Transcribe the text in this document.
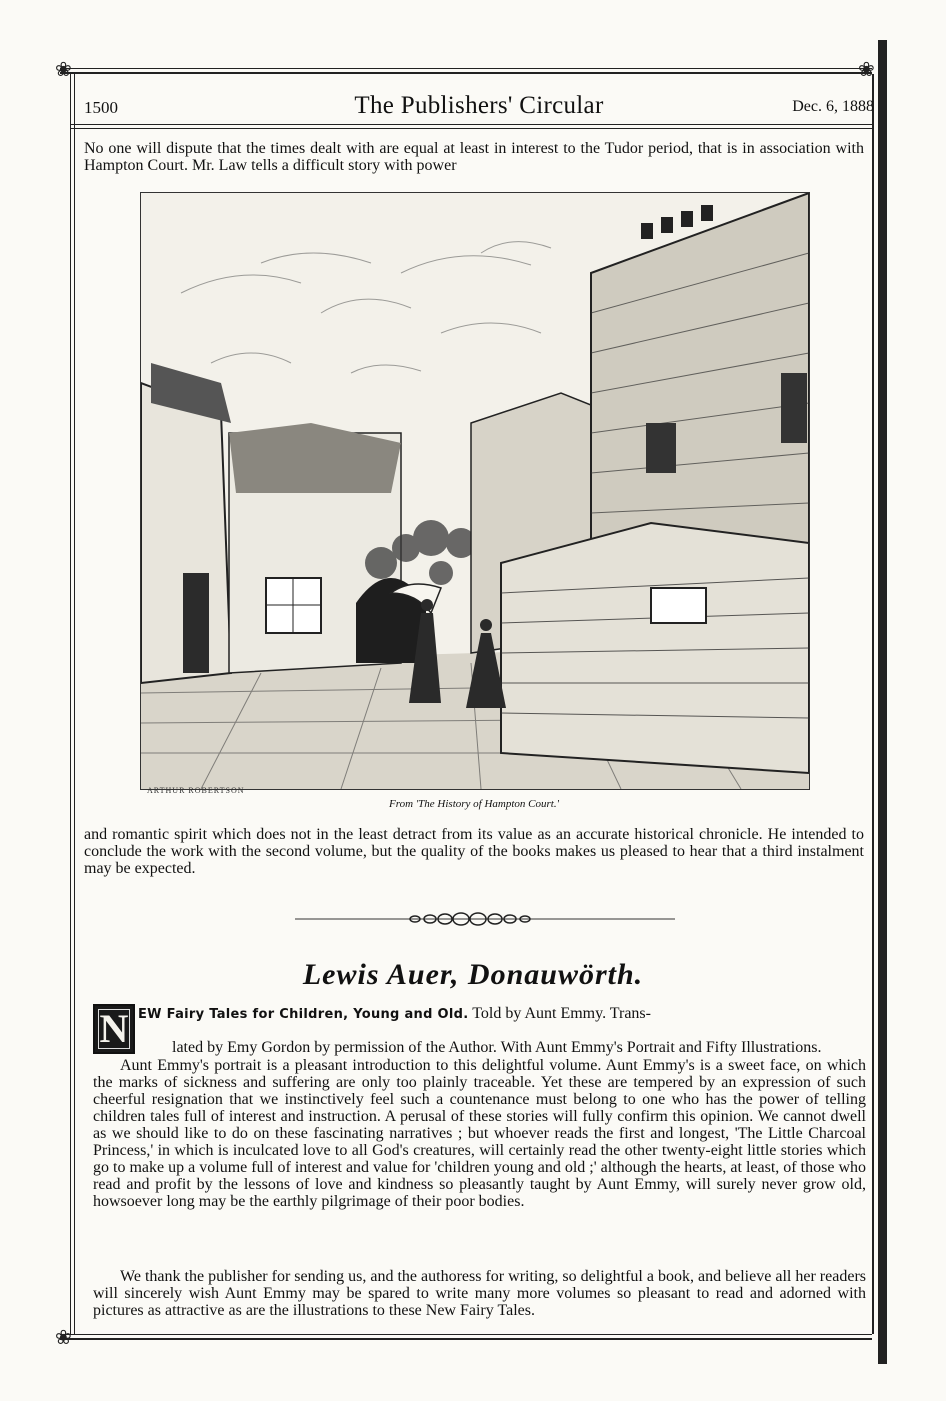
❀	❀
❀
1500	The Publishers' Circular	Dec. 6, 1888

No one will dispute that the times dealt with are equal at least in interest to the Tudor period, that is in association with Hampton Court. Mr. Law tells a difficult story with power

ARTHUR ROBERTSON
From 'The History of Hampton Court.'

and romantic spirit which does not in the least detract from its value as an accurate historical chronicle. He intended to conclude the work with the second volume, but the quality of the books makes us pleased to hear that a third instalment may be expected.

Lewis Auer, Donauwörth.
N EW Fairy Tales for Children, Young and Old. Told by Aunt Emmy. Trans-

lated by Emy Gordon by permission of the Author. With Aunt Emmy's Portrait and Fifty Illustrations.

Aunt Emmy's portrait is a pleasant introduction to this delightful volume. Aunt Emmy's is a sweet face, on which the marks of sickness and suffering are only too plainly traceable. Yet these are tempered by an expression of such cheerful resignation that we instinctively feel such a countenance must belong to one who has the power of telling children tales full of interest and instruction. A perusal of these stories will fully confirm this opinion. We cannot dwell as we should like to do on these fascinating narratives ; but whoever reads the first and longest, 'The Little Charcoal Princess,' in which is inculcated love to all God's creatures, will certainly read the other twenty-eight little stories which go to make up a volume full of interest and value for 'children young and old ;' although the hearts, at least, of those who read and profit by the lessons of love and kindness so pleasantly taught by Aunt Emmy, will surely never grow old, howsoever long may be the earthly pilgrimage of their poor bodies.

We thank the publisher for sending us, and the authoress for writing, so delightful a book, and believe all her readers will sincerely wish Aunt Emmy may be spared to write many more volumes so pleasant to read and adorned with pictures as attractive as are the illustrations to these New Fairy Tales.
